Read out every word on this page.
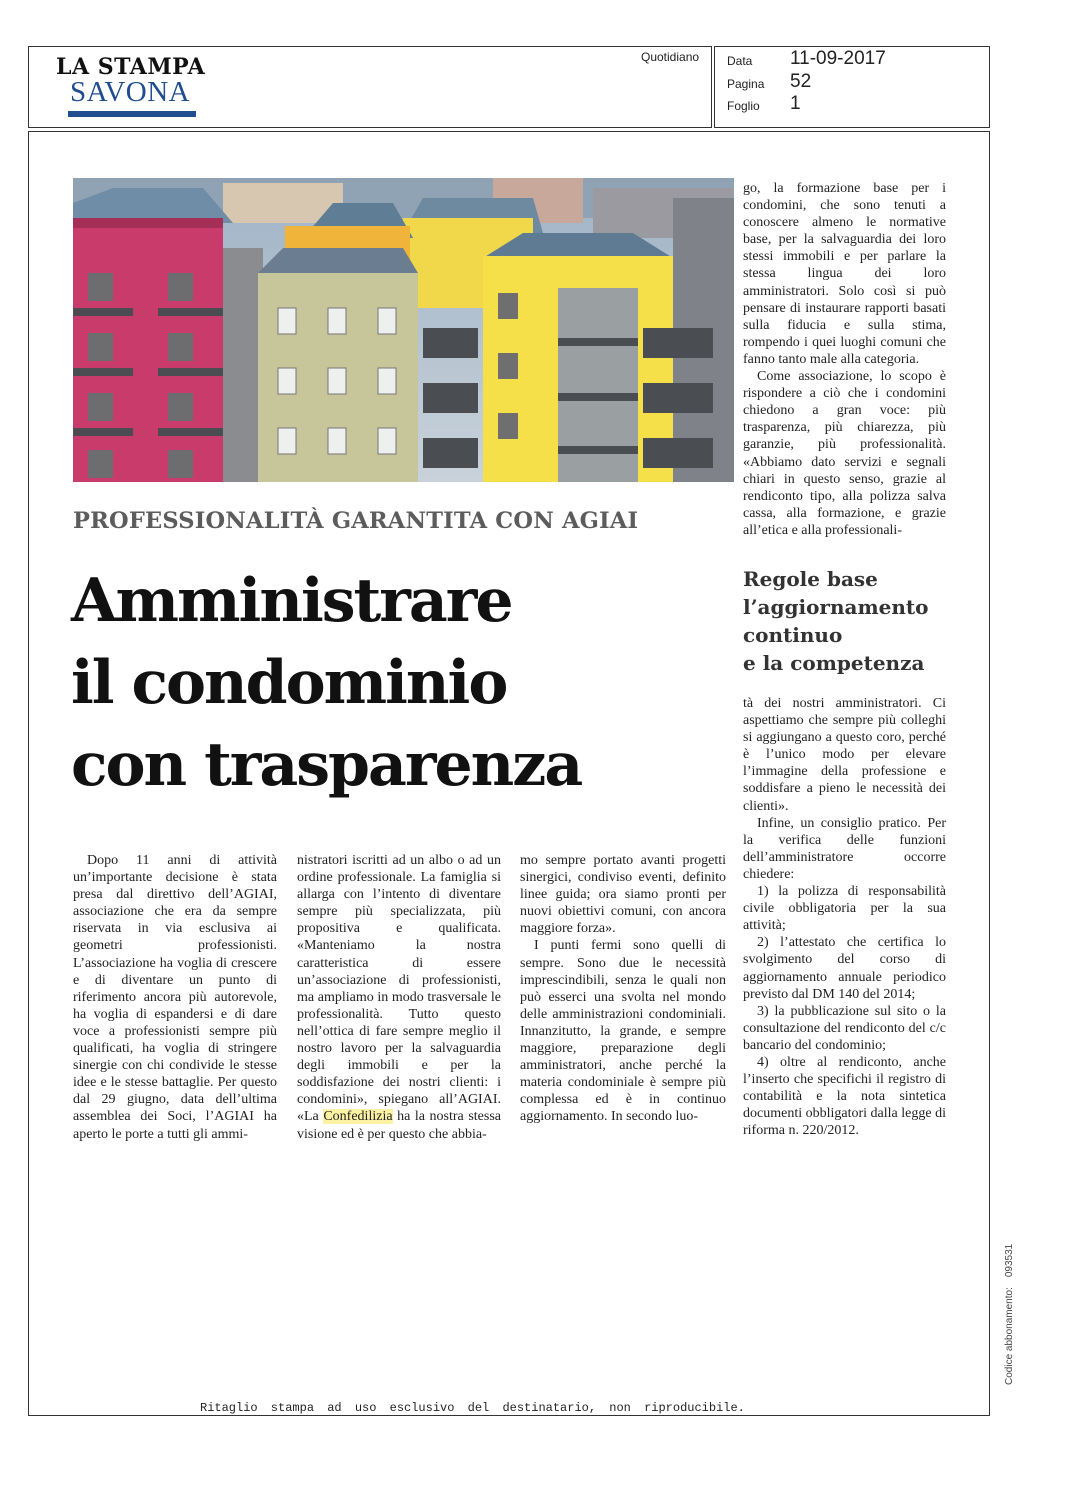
LA STAMPA
SAVONA
Quotidiano Data 11-09-2017
Pagina 52
Foglio 1
PROFESSIONALITÀ GARANTITA CON AGIAI
Amministrare
il condominio
con trasparenza

Dopo 11 anni di attività un’importante decisione è stata presa dal direttivo dell’AGIAI, associazione che era da sempre riservata in via esclusiva ai geometri professionisti. L’associazione ha voglia di crescere e di diventare un punto di riferimento ancora più autorevole, ha voglia di espandersi e di dare voce a professionisti sempre più qualificati, ha voglia di stringere sinergie con chi condivide le stesse idee e le stesse battaglie. Per questo dal 29 giugno, data dell’ultima assemblea dei Soci, l’AGIAI ha aperto le porte a tutti gli ammi-

nistratori iscritti ad un albo o ad un ordine professionale. La famiglia si allarga con l’intento di diventare sempre più specializzata, più propositiva e qualificata. «Manteniamo la nostra caratteristica di essere un’associazione di professionisti, ma ampliamo in modo trasversale le professionalità. Tutto questo nell’ottica di fare sempre meglio il nostro lavoro per la salvaguardia degli immobili e per la soddisfazione dei nostri clienti: i condomini», spiegano all’AGIAI. «La Confedilizia ha la nostra stessa visione ed è per questo che abbia-

mo sempre portato avanti progetti sinergici, condiviso eventi, definito linee guida; ora siamo pronti per nuovi obiettivi comuni, con ancora maggiore forza».

I punti fermi sono quelli di sempre. Sono due le necessità imprescindibili, senza le quali non può esserci una svolta nel mondo delle amministrazioni condominiali. Innanzitutto, la grande, e sempre maggiore, preparazione degli amministratori, anche perché la materia condominiale è sempre più complessa ed è in continuo aggiornamento. In secondo luo-

go, la formazione base per i condomini, che sono tenuti a conoscere almeno le normative base, per la salvaguardia dei loro stessi immobili e per parlare la stessa lingua dei loro amministratori. Solo così si può pensare di instaurare rapporti basati sulla fiducia e sulla stima, rompendo i quei luoghi comuni che fanno tanto male alla categoria.

Come associazione, lo scopo è rispondere a ciò che i condomini chiedono a gran voce: più trasparenza, più chiarezza, più garanzie, più professionalità. «Abbiamo dato servizi e segnali chiari in questo senso, grazie al rendiconto tipo, alla polizza salva cassa, alla formazione, e grazie all’etica e alla professionali-

Regole base
l’aggiornamento
continuo
e la competenza

tà dei nostri amministratori. Ci aspettiamo che sempre più colleghi si aggiungano a questo coro, perché è l’unico modo per elevare l’immagine della professione e soddisfare a pieno le necessità dei clienti».

Infine, un consiglio pratico. Per la verifica delle funzioni dell’amministratore occorre chiedere:

1) la polizza di responsabilità civile obbligatoria per la sua attività;

2) l’attestato che certifica lo svolgimento del corso di aggiornamento annuale periodico previsto dal DM 140 del 2014;

3) la pubblicazione sul sito o la consultazione del rendiconto del c/c bancario del condominio;

4) oltre al rendiconto, anche l’inserto che specifichi il registro di contabilità e la nota sintetica documenti obbligatori dalla legge di riforma n. 220/2012.

Ritaglio stampa ad uso esclusivo del destinatario, non riproducibile.
Codice abbonamento:093531
